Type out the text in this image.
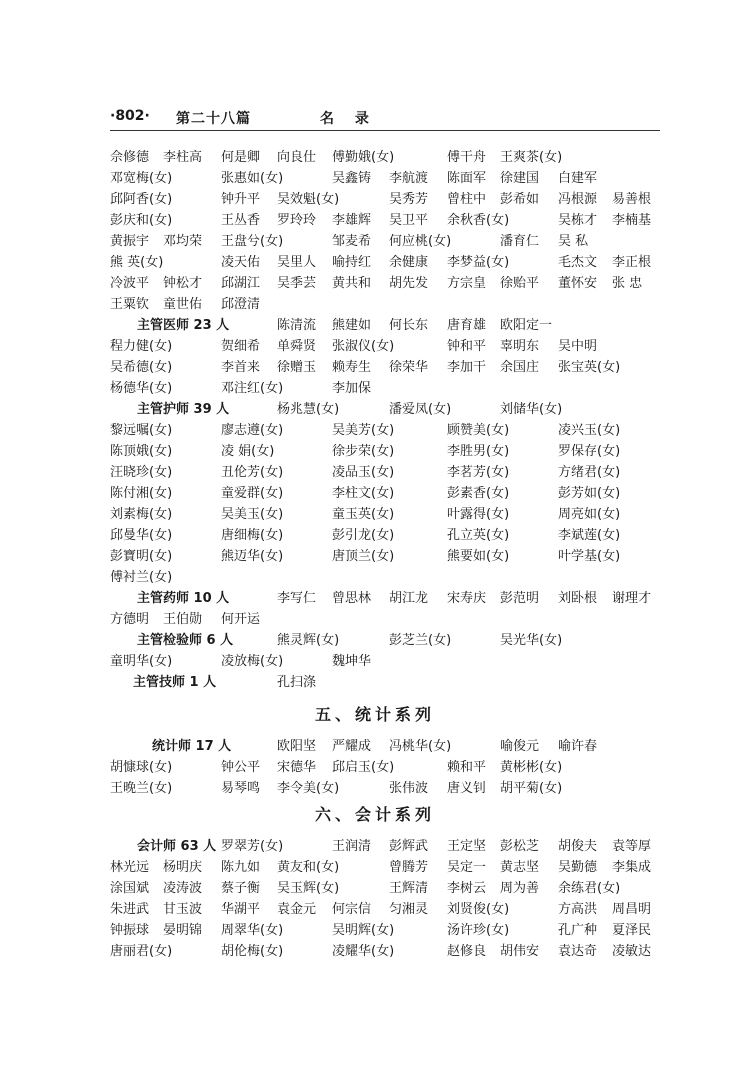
·802· 第二十八篇	名 录
佘修德 李柱高 何是卿 向良仕 傅勤娥(女)	傅干舟 王爽茶(女)
邓宽梅(女)	张惠如(女)	吴鑫铸 李航渡 陈面军 徐建国 白建军
邱阿香(女)	钟升平 吴效魁(女)	吴秀芳 曾柱中 彭希如 冯根源 易善根
彭庆和(女)	王丛香 罗玲玲 李雄辉 吴卫平 余秋香(女)	吴栋才 李楠基
黄振宇 邓均荣 王盘兮(女)	邹麦希 何应桃(女)	潘育仁 吴 私
熊 英(女)	凌天佑 吴里人 喻持红 余健康 李梦益(女)	毛杰文 李正根
冷波平 钟松才 邱湖江 吴季芸 黄共和 胡先发 方宗皇 徐贻平 董怀安 张 忠
王粟钦 童世佑 邱澄清
主管医师 23 人	陈清流 熊建如 何长东 唐育雄 欧阳定一
程力健(女)	贺细希 单舜贤 张淑仪(女)	钟和平 辜明东 吴中明
吴希德(女)	李首来 徐赠玉 赖寿生 徐荣华 李加干 余国庄 张宝英(女)
杨德华(女)	邓注红(女)	李加保
主管护师 39 人	杨兆慧(女)	潘爱凤(女)	刘储华(女)
黎远嘱(女)	廖志遵(女)	吴美芳(女)	顾赞美(女)	凌兴玉(女)
陈顶娥(女)	凌 娟(女)	徐步荣(女)	李胜男(女)	罗保存(女)
汪晓珍(女)	丑伦芳(女)	凌品玉(女)	李茗芳(女)	方绪君(女)
陈付湘(女)	童爱群(女)	李柱文(女)	彭素香(女)	彭芳如(女)
刘素梅(女)	吴美玉(女)	童玉英(女)	叶露得(女)	周亮如(女)
邱曼华(女)	唐细梅(女)	彭引龙(女)	孔立英(女)	李斌莲(女)
彭寶明(女)	熊迈华(女)	唐顶兰(女)	熊要如(女)	叶学基(女)
傅衬兰(女)
主管药师 10 人	李写仁 曾思林 胡江龙 宋寿庆 彭范明 刘卧根 谢理才
方德明 王伯勋 何开运
主管检验师 6 人	熊灵辉(女)	彭芝兰(女)	吴光华(女)
童明华(女)	凌放梅(女)	魏坤华
主管技师 1 人	孔扫涤
统计师 17 人	欧阳坚 严耀成 冯桃华(女)	喻俊元 喻许春
胡慷球(女)	钟公平 宋德华 邱启玉(女)	赖和平 黄彬彬(女)
王晚兰(女)	易琴鸣 李令美(女)	张伟波 唐义钊 胡平菊(女)
会计师 63 人 罗翠芳(女)	王润清 彭辉武 王定坚 彭松芝 胡俊夫 袁等厚
林光远 杨明庆 陈九如 黄友和(女)	曾腾芳 吴定一 黄志坚 吴勤德 李集成
涂国斌 凌涛波 蔡子衡 吴玉辉(女)	王辉清 李树云 周为善 余练君(女)
朱进武 甘玉波 华湖平 袁金元 何宗信 匀湘灵 刘贤俊(女)	方高洪 周昌明
钟振球 晏明锦 周翠华(女)	吴明辉(女)	汤许珍(女)	孔广种 夏泽民
唐丽君(女)	胡伦梅(女)	凌耀华(女)	赵修良 胡伟安 袁达奇 凌敏达
五、统计系列
六、会计系列
